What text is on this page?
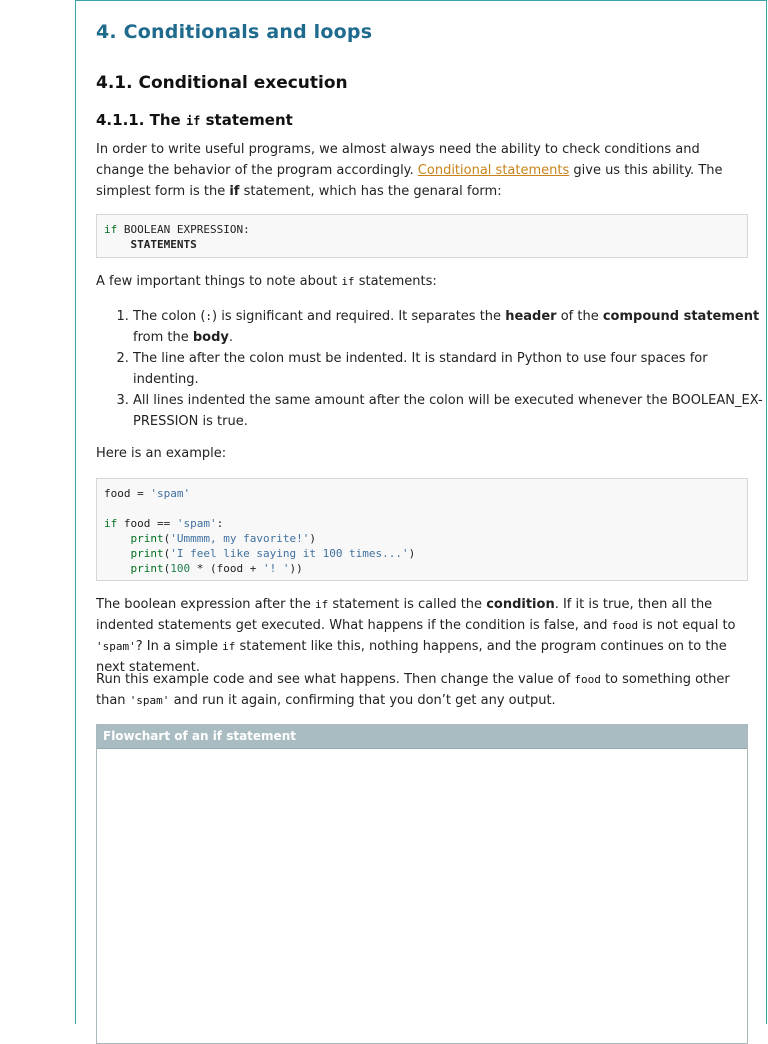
4. Conditionals and loops
4.1. Conditional execution
4.1.1. The if statement

In order to write useful programs, we almost always need the ability to check conditions and change the behavior of the program accordingly. Conditional statements give us this ability. The simplest form is the if statement, which has the genaral form:

if BOOLEAN EXPRESSION:
STATEMENTS

A few important things to note about if statements:

1. The colon (:) is significant and required. It separates the header of the compound statement from the body.
2. The line after the colon must be indented. It is standard in Python to use four spaces for indenting.
3. All lines indented the same amount after the colon will be executed whenever the BOOLEAN_EX-PRESSION is true.

Here is an example:

food = 'spam'

if food == 'spam':
print('Ummmm, my favorite!')
print('I feel like saying it 100 times...')
print(100 * (food + '! '))

The boolean expression after the if statement is called the condition. If it is true, then all the indented statements get executed. What happens if the condition is false, and food is not equal to 'spam'? In a simple if statement like this, nothing happens, and the program continues on to the next statement.

Run this example code and see what happens. Then change the value of food to something other than 'spam' and run it again, confirming that you don’t get any output.

Flowchart of an if statement
